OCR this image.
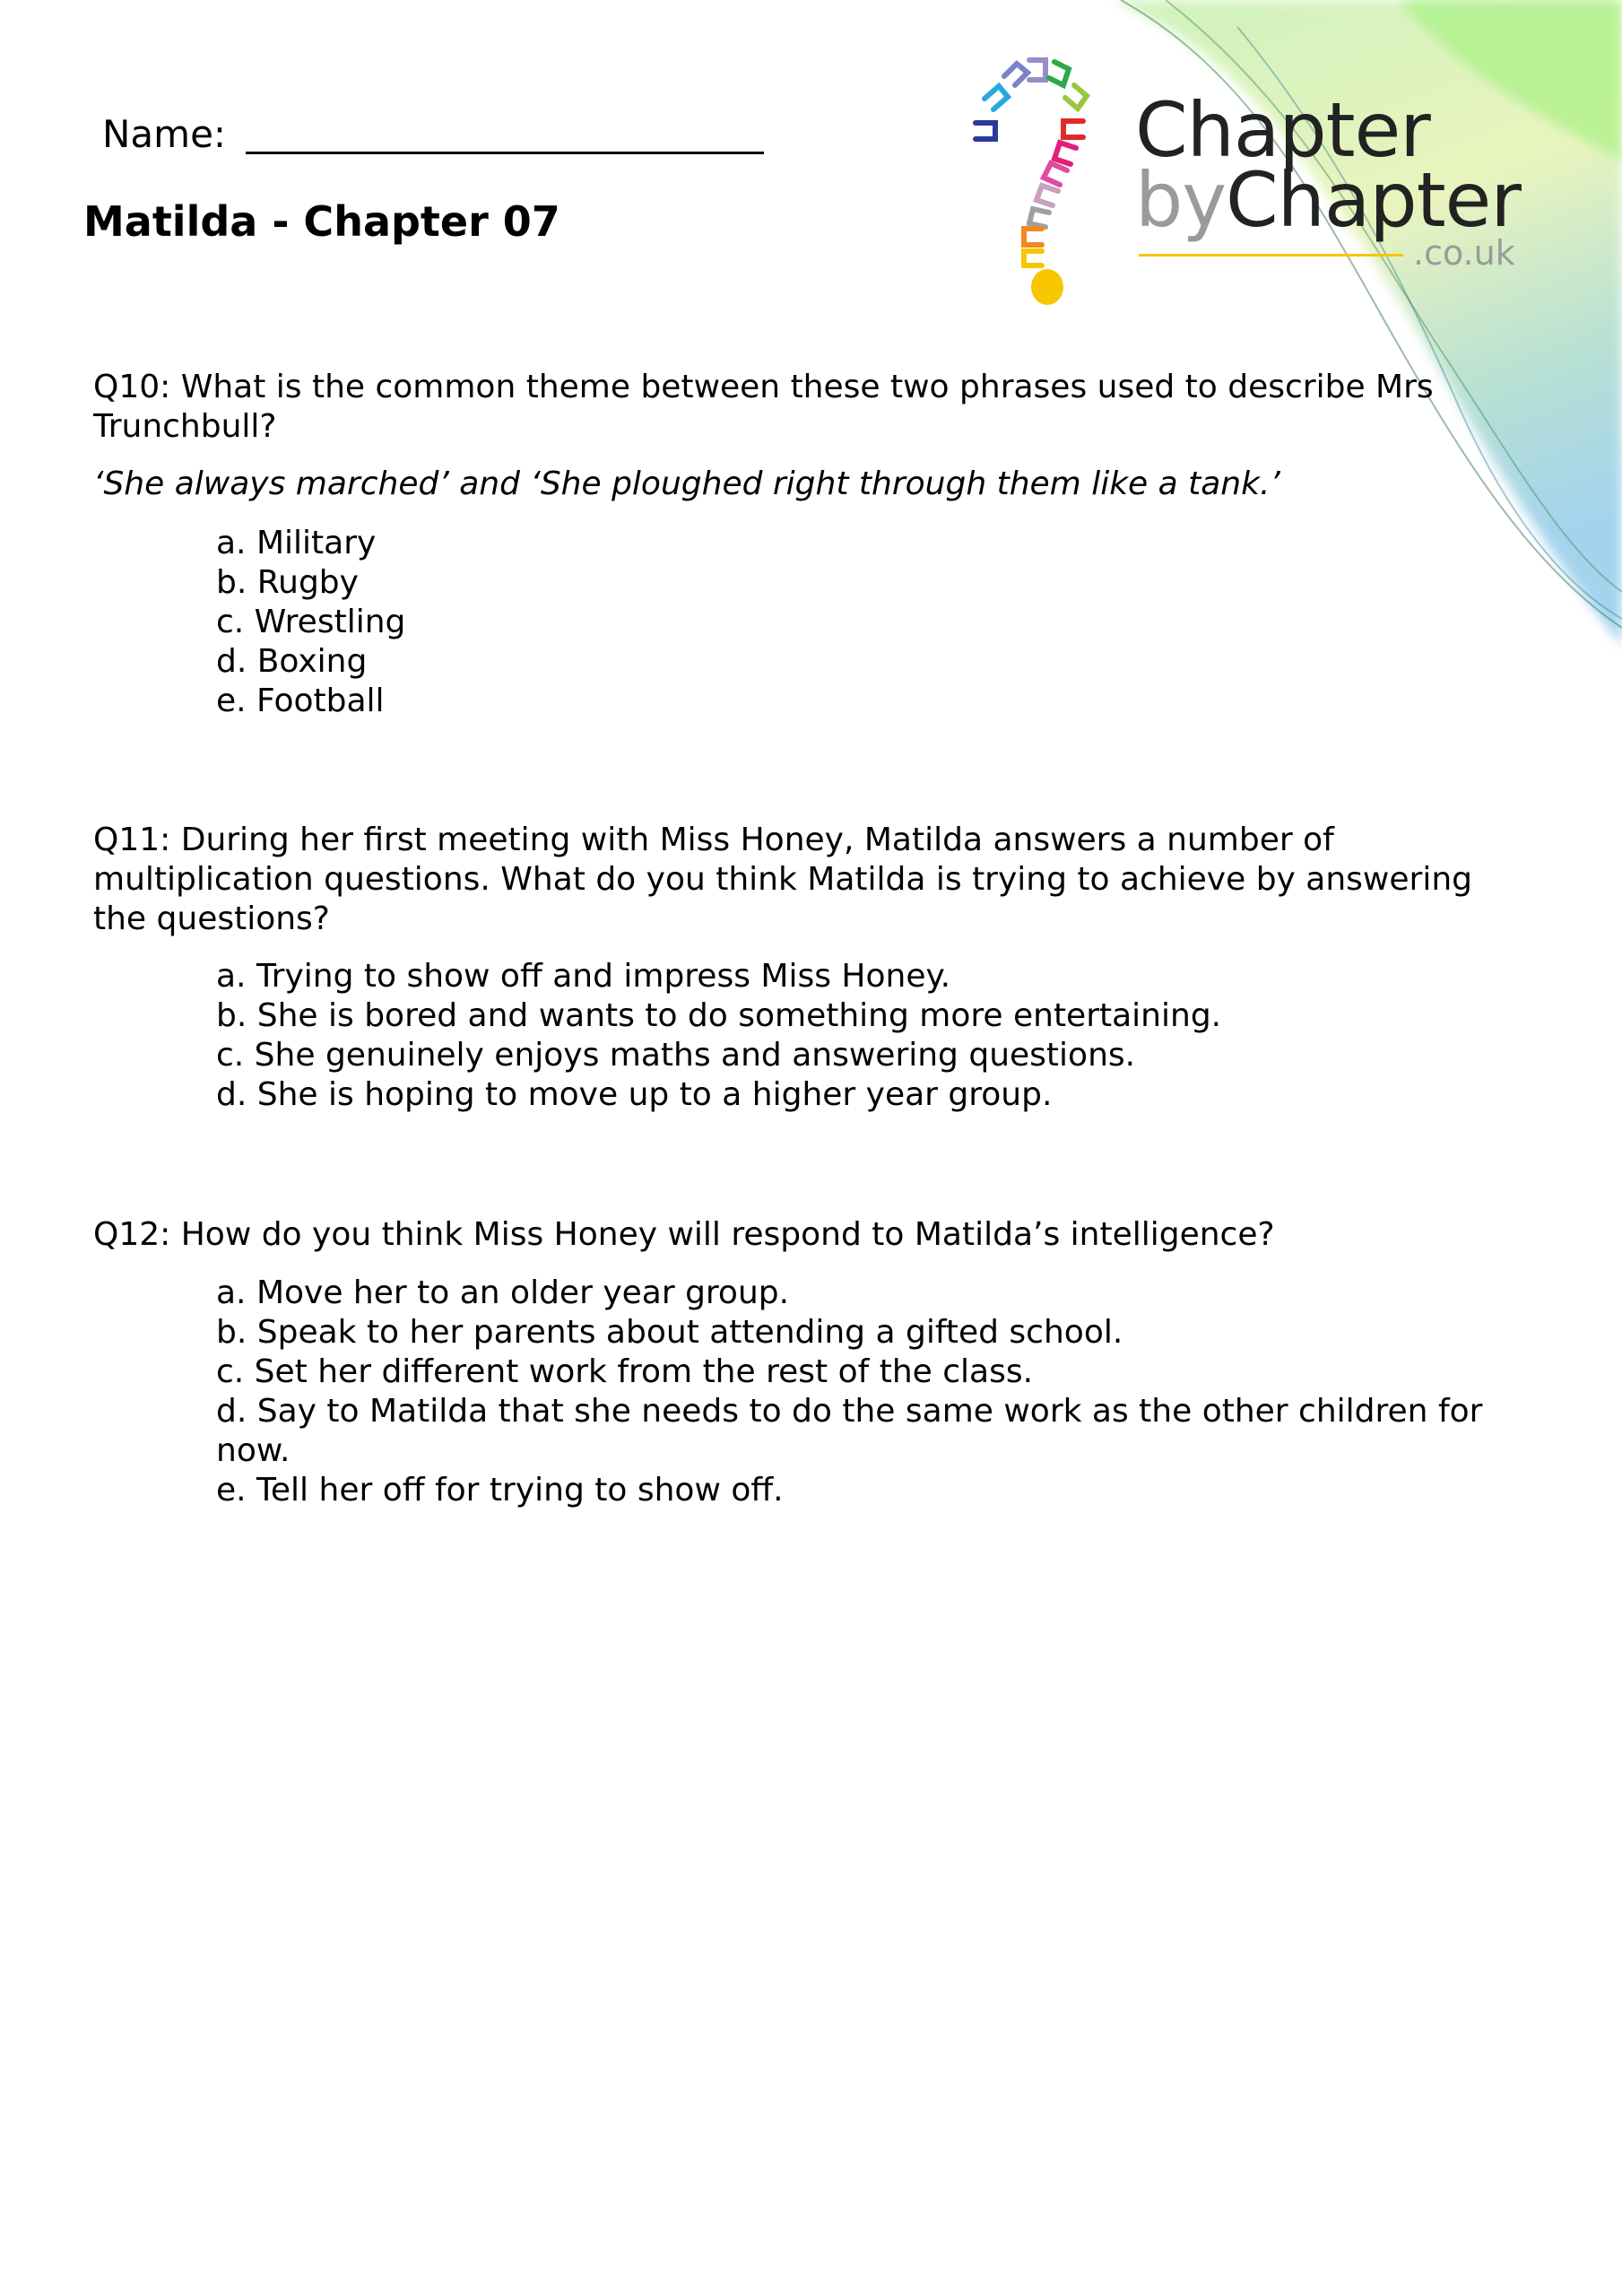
Name:
Matilda - Chapter 07
Chapter
byChapter
.co.uk
Q10: What is the common theme between these two phrases used to describe Mrs Trunchbull?
‘She always marched’ and ‘She ploughed right through them like a tank.’
a. Military
b. Rugby
c. Wrestling
d. Boxing
e. Football
Q11: During her first meeting with Miss Honey, Matilda answers a number of multiplication questions. What do you think Matilda is trying to achieve by answering the questions?
a. Trying to show off and impress Miss Honey.
b. She is bored and wants to do something more entertaining.
c. She genuinely enjoys maths and answering questions.
d. She is hoping to move up to a higher year group.
Q12: How do you think Miss Honey will respond to Matilda’s intelligence?
a. Move her to an older year group.
b. Speak to her parents about attending a gifted school.
c. Set her different work from the rest of the class.
d. Say to Matilda that she needs to do the same work as the other children for now.
e. Tell her off for trying to show off.
